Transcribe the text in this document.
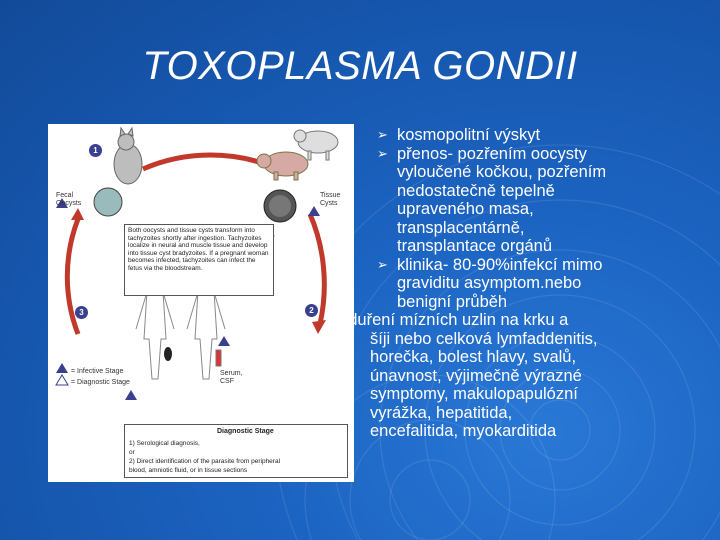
TOXOPLASMA GONDII
1
2
3
Fecal
Oocysts
Tissue
Cysts
= Infective Stage
= Diagnostic Stage
Serum,
CSF
Both oocysts and tissue cysts transform into tachyzoites shortly after ingestion. Tachyzoites localize in neural and muscle tissue and develop into tissue cyst bradyzoites. If a pregnant woman becomes infected, tachyzoites can infect the fetus via the bloodstream.
Diagnostic Stage
1) Serological diagnosis,
or
2) Direct identification of the parasite from peripheral
blood, amniotic fluid, or in tissue sections
➢ kosmopolitní výskyt
➢ přenos- pozřením oocysty
vyloučené kočkou, pozřením
nedostatečně tepelně
upraveného masa,
transplacentárně,
transplantace orgánů
➢ klinika- 80-90%infekcí mimo
graviditu asymptom.nebo
benigní průběh
zduření mízních uzlin na krku a
šíji nebo celková lymfaddenitis,
horečka, bolest hlavy, svalů,
únavnost, výjimečně výrazné
symptomy, makulopapulózní
vyrážka, hepatitida,
encefalitida, myokarditida
